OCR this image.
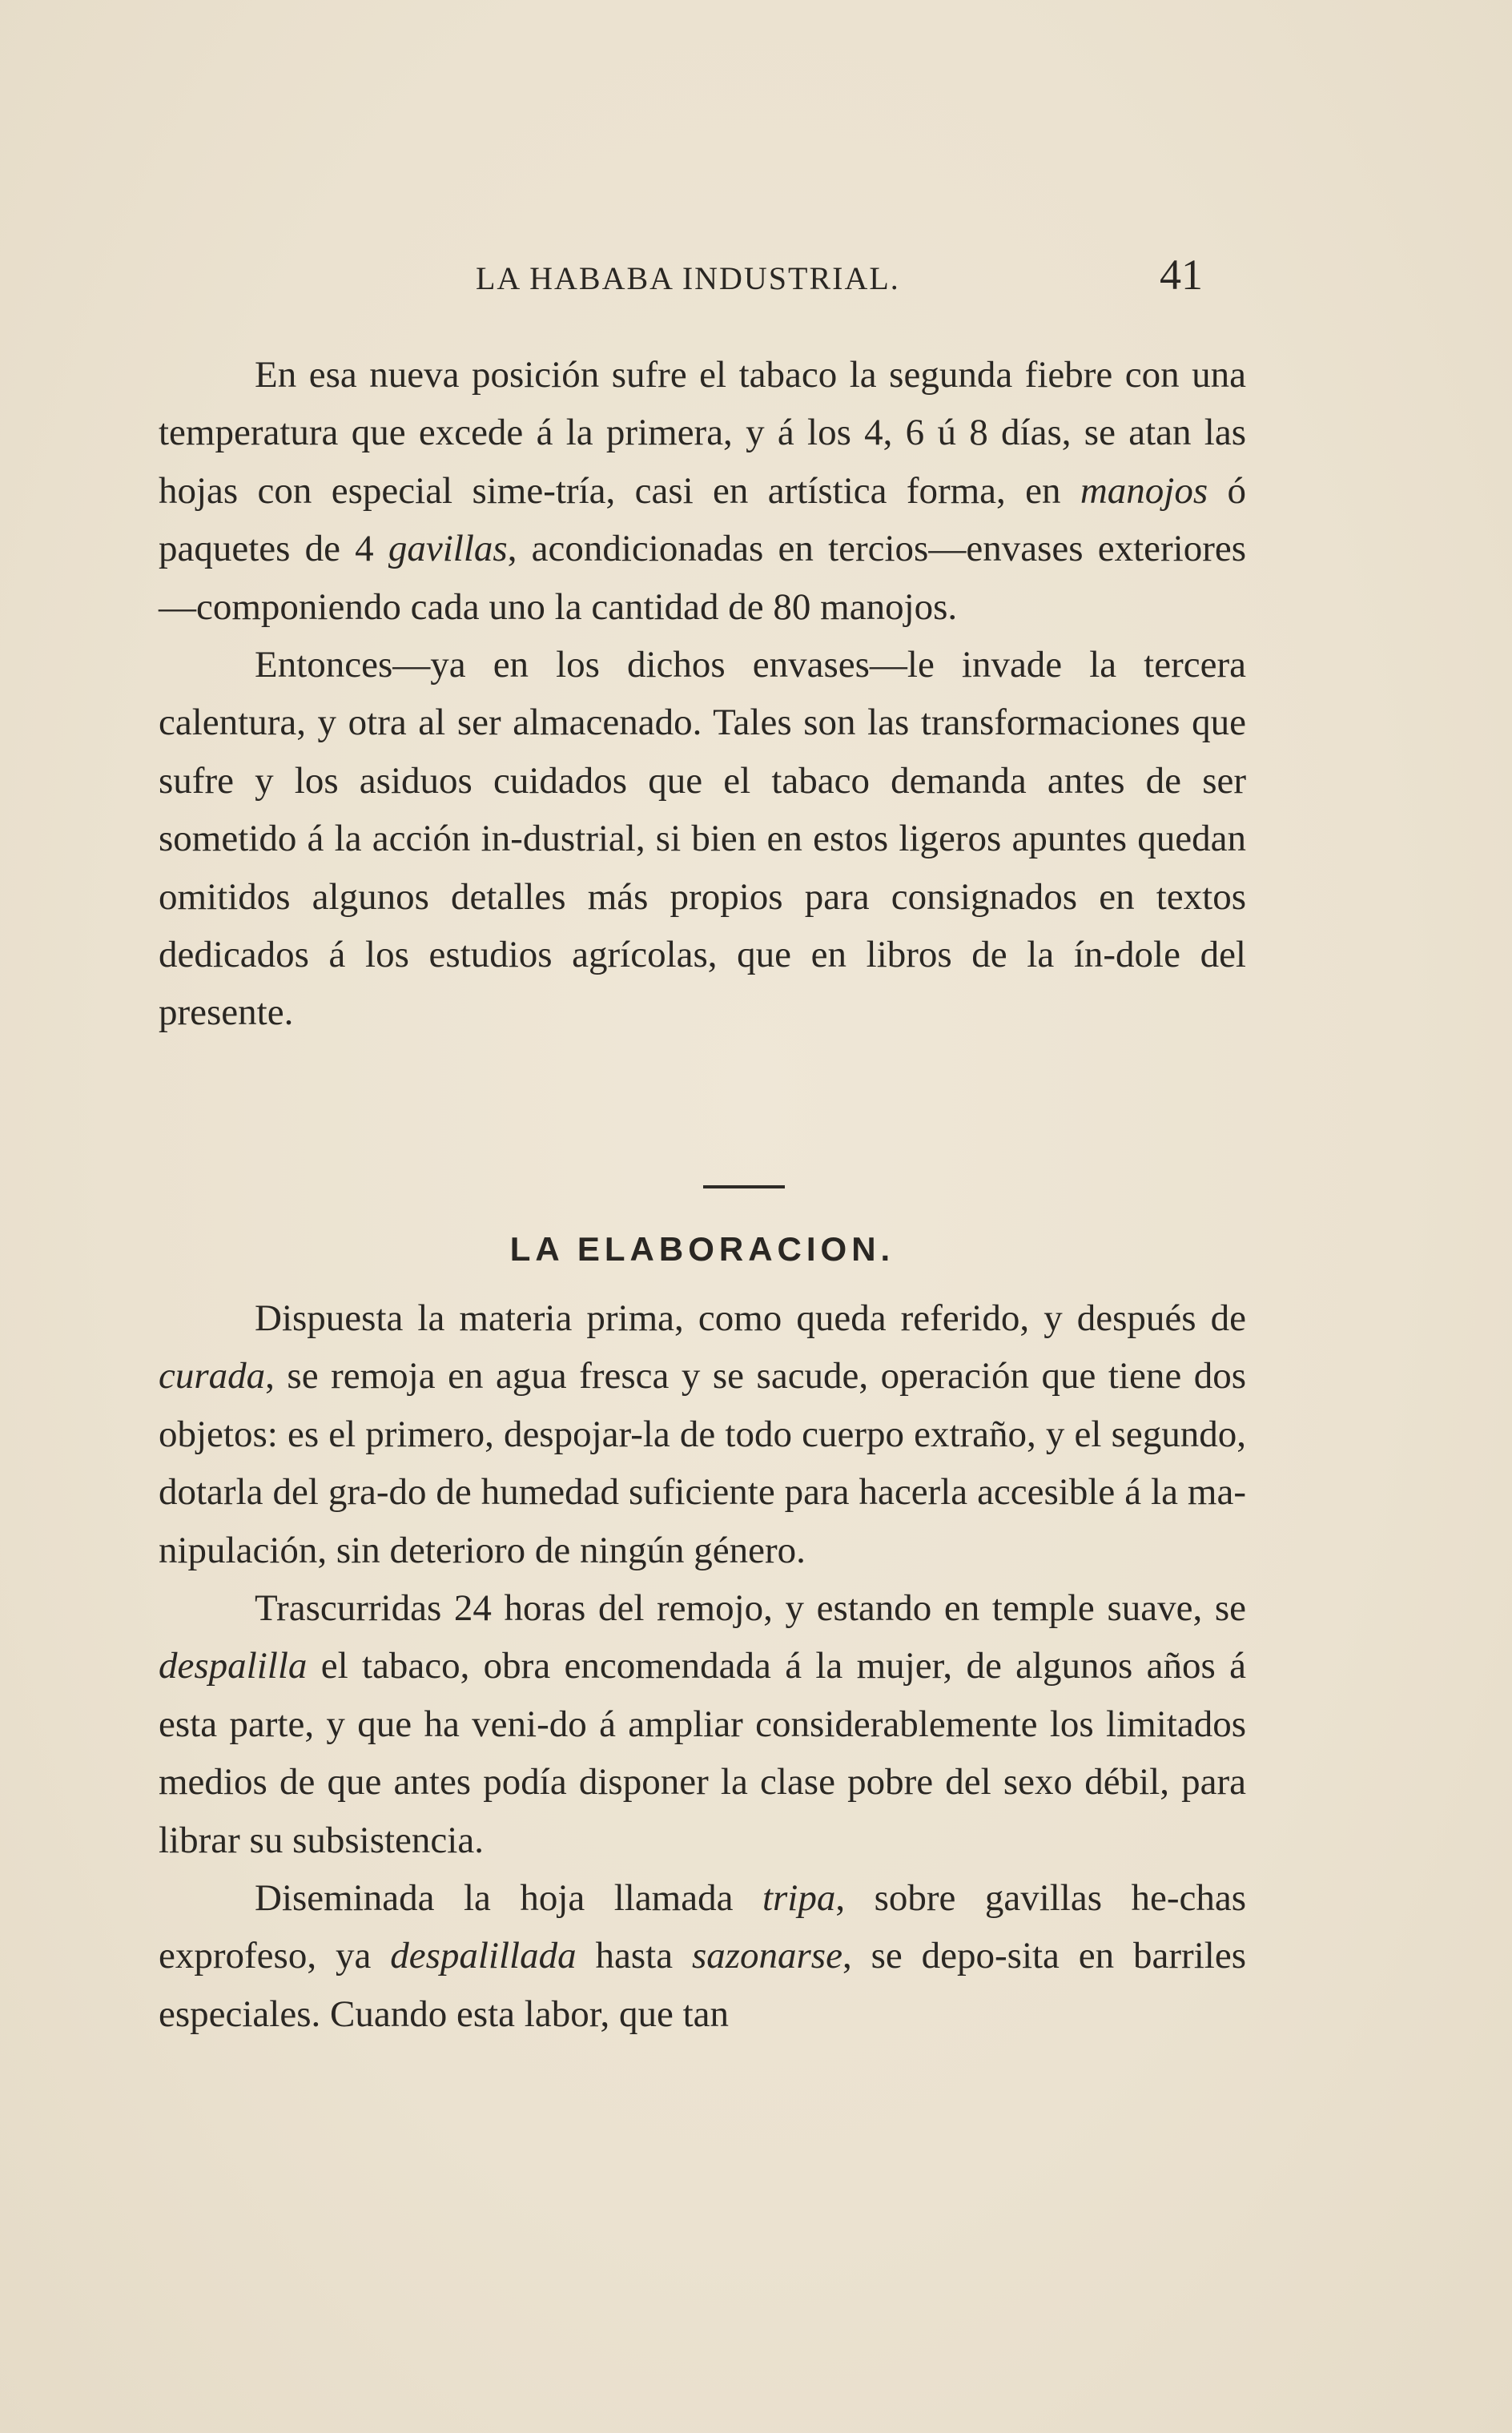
LA HABABA INDUSTRIAL.	41

En esa nueva posición sufre el tabaco la segunda fiebre con una temperatura que excede á la primera, y á los 4, 6 ú 8 días, se atan las hojas con especial sime-tría, casi en artística forma, en manojos ó paquetes de 4 gavillas, acondicionadas en tercios—envases exteriores—componiendo cada uno la cantidad de 80 manojos.

Entonces—ya en los dichos envases—le invade la tercera calentura, y otra al ser almacenado. Tales son las transformaciones que sufre y los asiduos cuidados que el tabaco demanda antes de ser sometido á la acción in-dustrial, si bien en estos ligeros apuntes quedan omitidos algunos detalles más propios para consignados en textos dedicados á los estudios agrícolas, que en libros de la ín-dole del presente.

LA ELABORACION.

Dispuesta la materia prima, como queda referido, y después de curada, se remoja en agua fresca y se sacude, operación que tiene dos objetos: es el primero, despojar-la de todo cuerpo extraño, y el segundo, dotarla del gra-do de humedad suficiente para hacerla accesible á la ma-nipulación, sin deterioro de ningún género.

Trascurridas 24 horas del remojo, y estando en temple suave, se despalilla el tabaco, obra encomendada á la mujer, de algunos años á esta parte, y que ha veni-do á ampliar considerablemente los limitados medios de que antes podía disponer la clase pobre del sexo débil, para librar su subsistencia.

Diseminada la hoja llamada tripa, sobre gavillas he-chas exprofeso, ya despalillada hasta sazonarse, se depo-sita en barriles especiales. Cuando esta labor, que tan
